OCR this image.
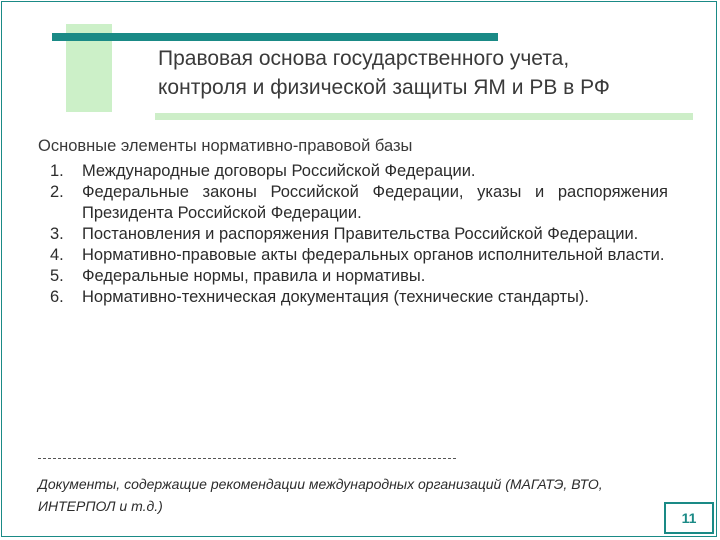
Правовая основа государственного учета,
контроля и физической защиты ЯМ и РВ в РФ
Основные элементы нормативно-правовой базы
1. Международные договоры Российской Федерации.
2. Федеральные законы Российской Федерации, указы и распоряжения Президента Российской Федерации.
3. Постановления и распоряжения Правительства Российской Федерации.
4. Нормативно-правовые акты федеральных органов исполнительной власти.
5. Федеральные нормы, правила и нормативы.
6. Нормативно-техническая документация (технические стандарты).
Документы, содержащие рекомендации международных организаций (МАГАТЭ, ВТО, ИНТЕРПОЛ и т.д.)
11
